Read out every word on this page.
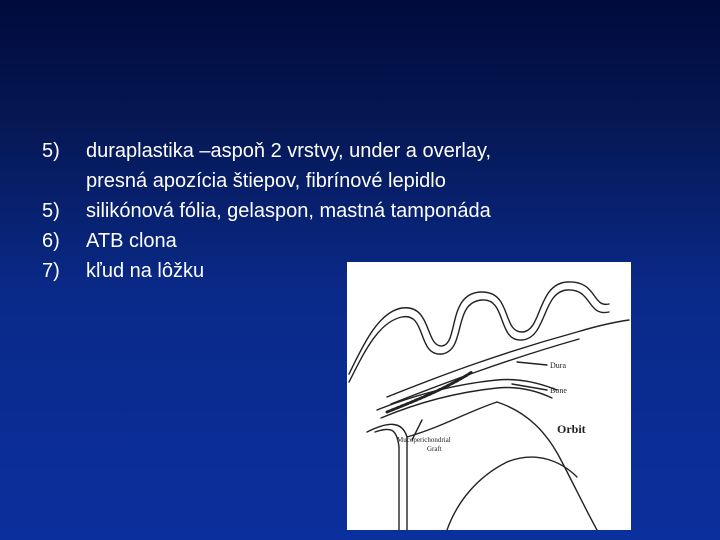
5)	duraplastika –aspoň 2 vrstvy, under a overlay,
presná apozícia štiepov, fibrínové lepidlo
5)	silikónová fólia, gelaspon, mastná tamponáda
6)	ATB clona
7)	kľud na lôžku
Dura
Bone
Orbit
Mucoperichondrial
Graft
